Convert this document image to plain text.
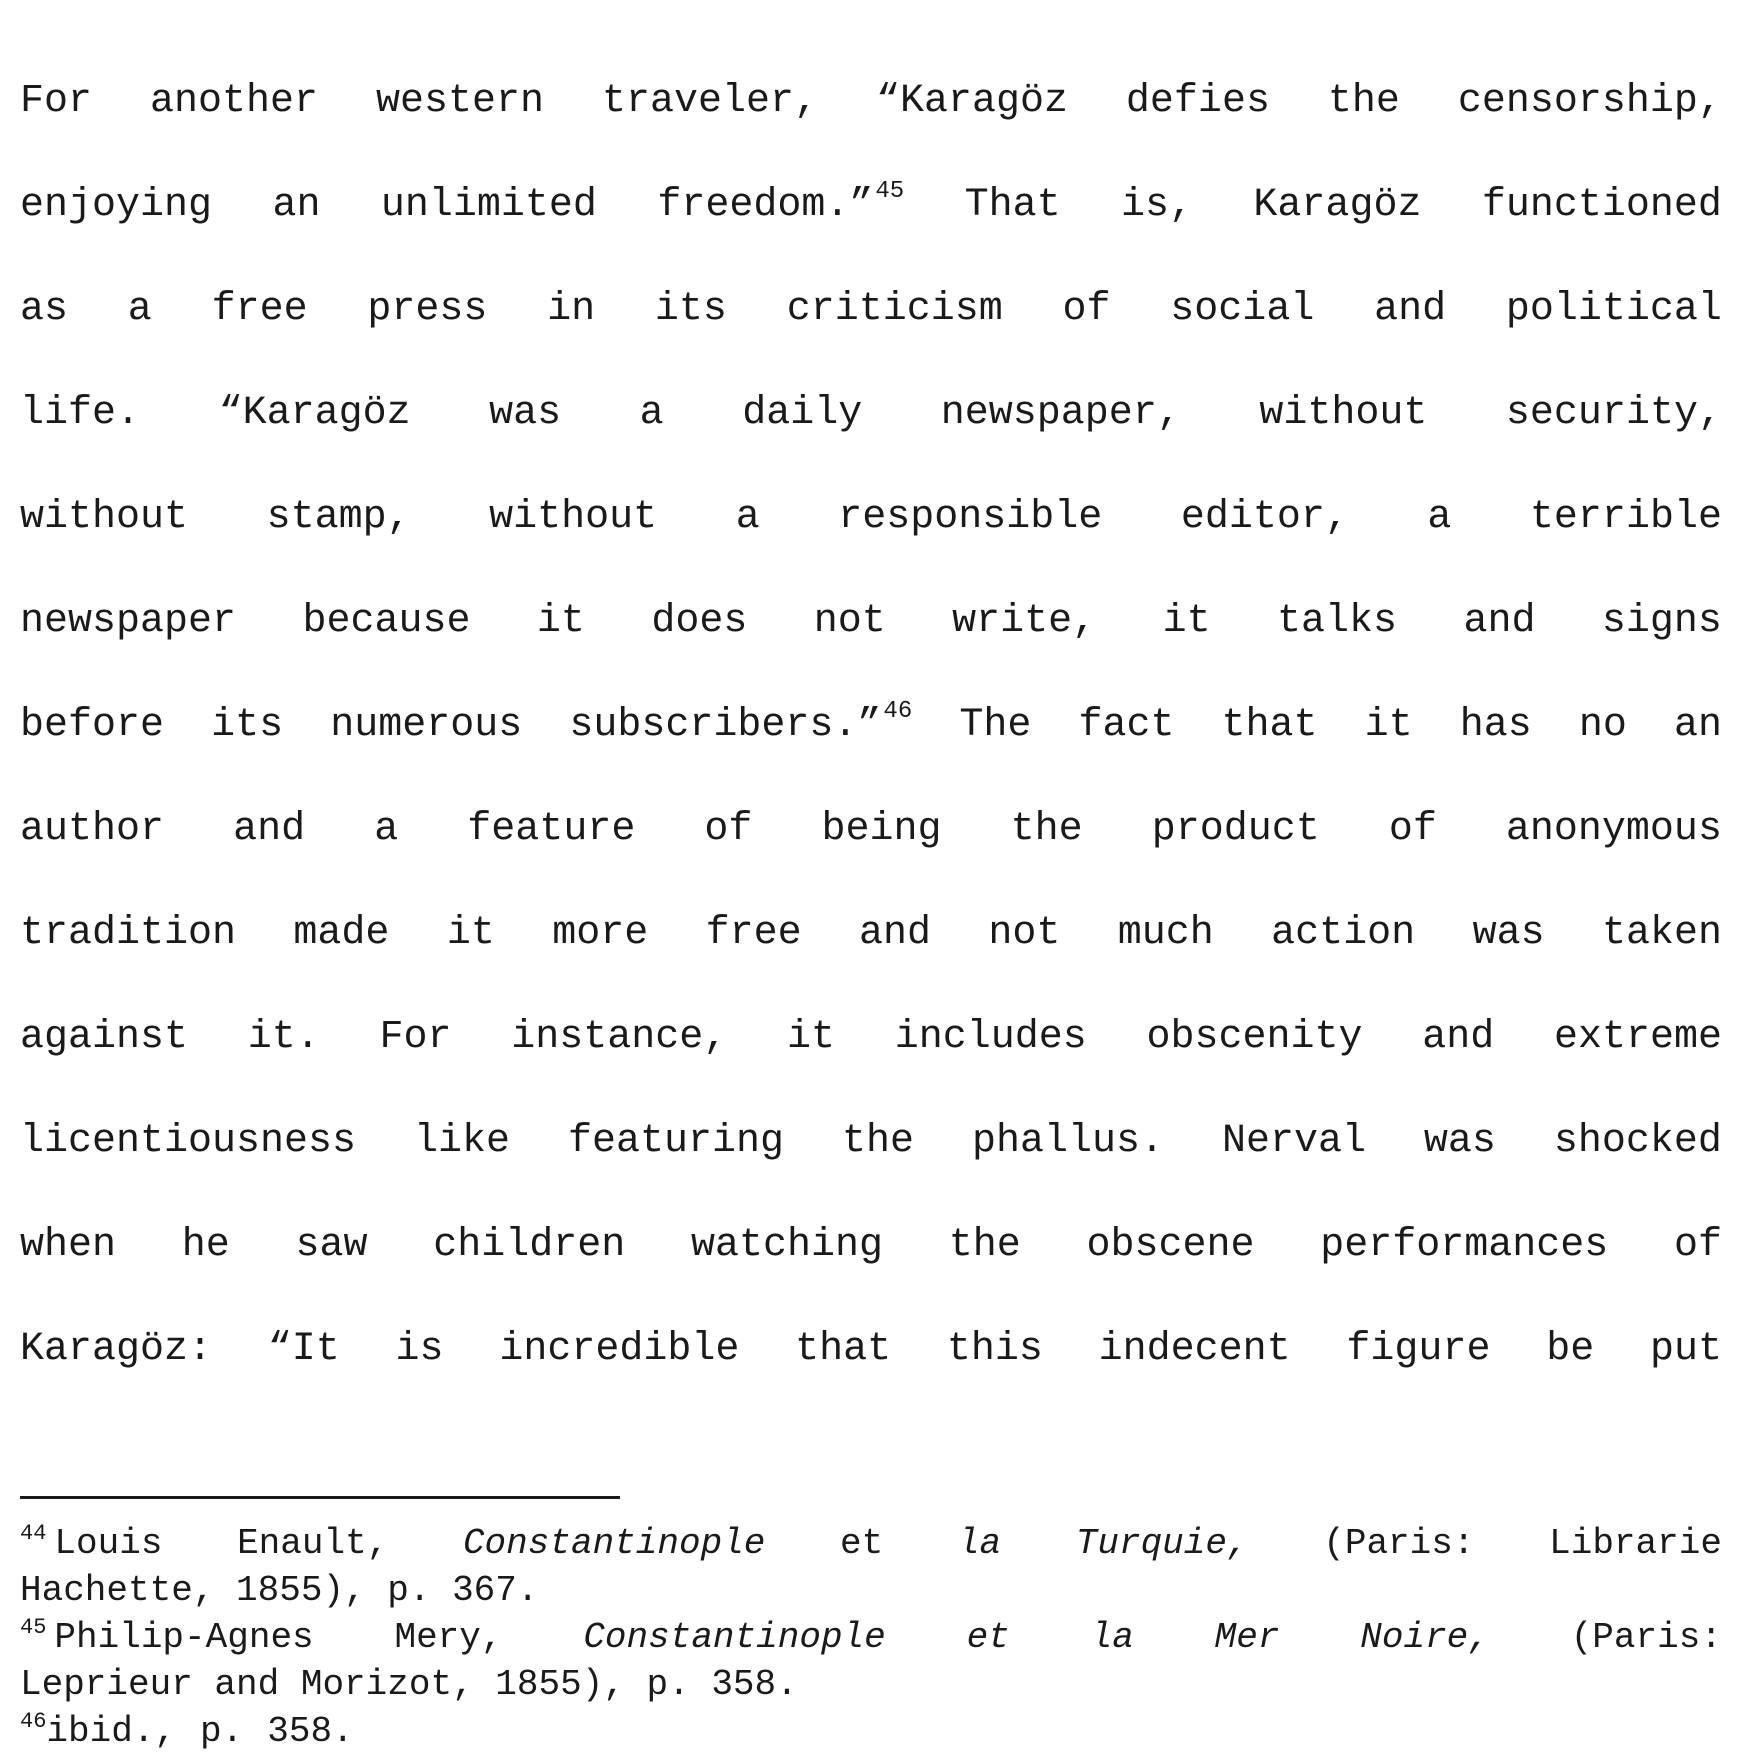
For another western traveler, “Karagöz defies the censorship,
enjoying an unlimited freedom.”$^{45}$ That is, Karagöz functioned
as a free press in its criticism of social and political
life. “Karagöz was a daily newspaper, without security,
without stamp, without a responsible editor, a terrible
newspaper because it does not write, it talks and signs
before its numerous subscribers.”$^{46}$ The fact that it has no an
author and a feature of being the product of anonymous
tradition made it more free and not much action was taken
against it. For instance, it includes obscenity and extreme
licentiousness like featuring the phallus. Nerval was shocked
when he saw children watching the obscene performances of
Karagöz: “It is incredible that this indecent figure be put
$^{44}$ Louis Enault, Constantinople et la Turquie, (Paris: Librarie
Hachette, 1855), p. 367.
$^{45}$ Philip-Agnes Mery, Constantinople et la Mer Noire, (Paris:
Leprieur and Morizot, 1855), p. 358.
46 ibid., p. 358.
